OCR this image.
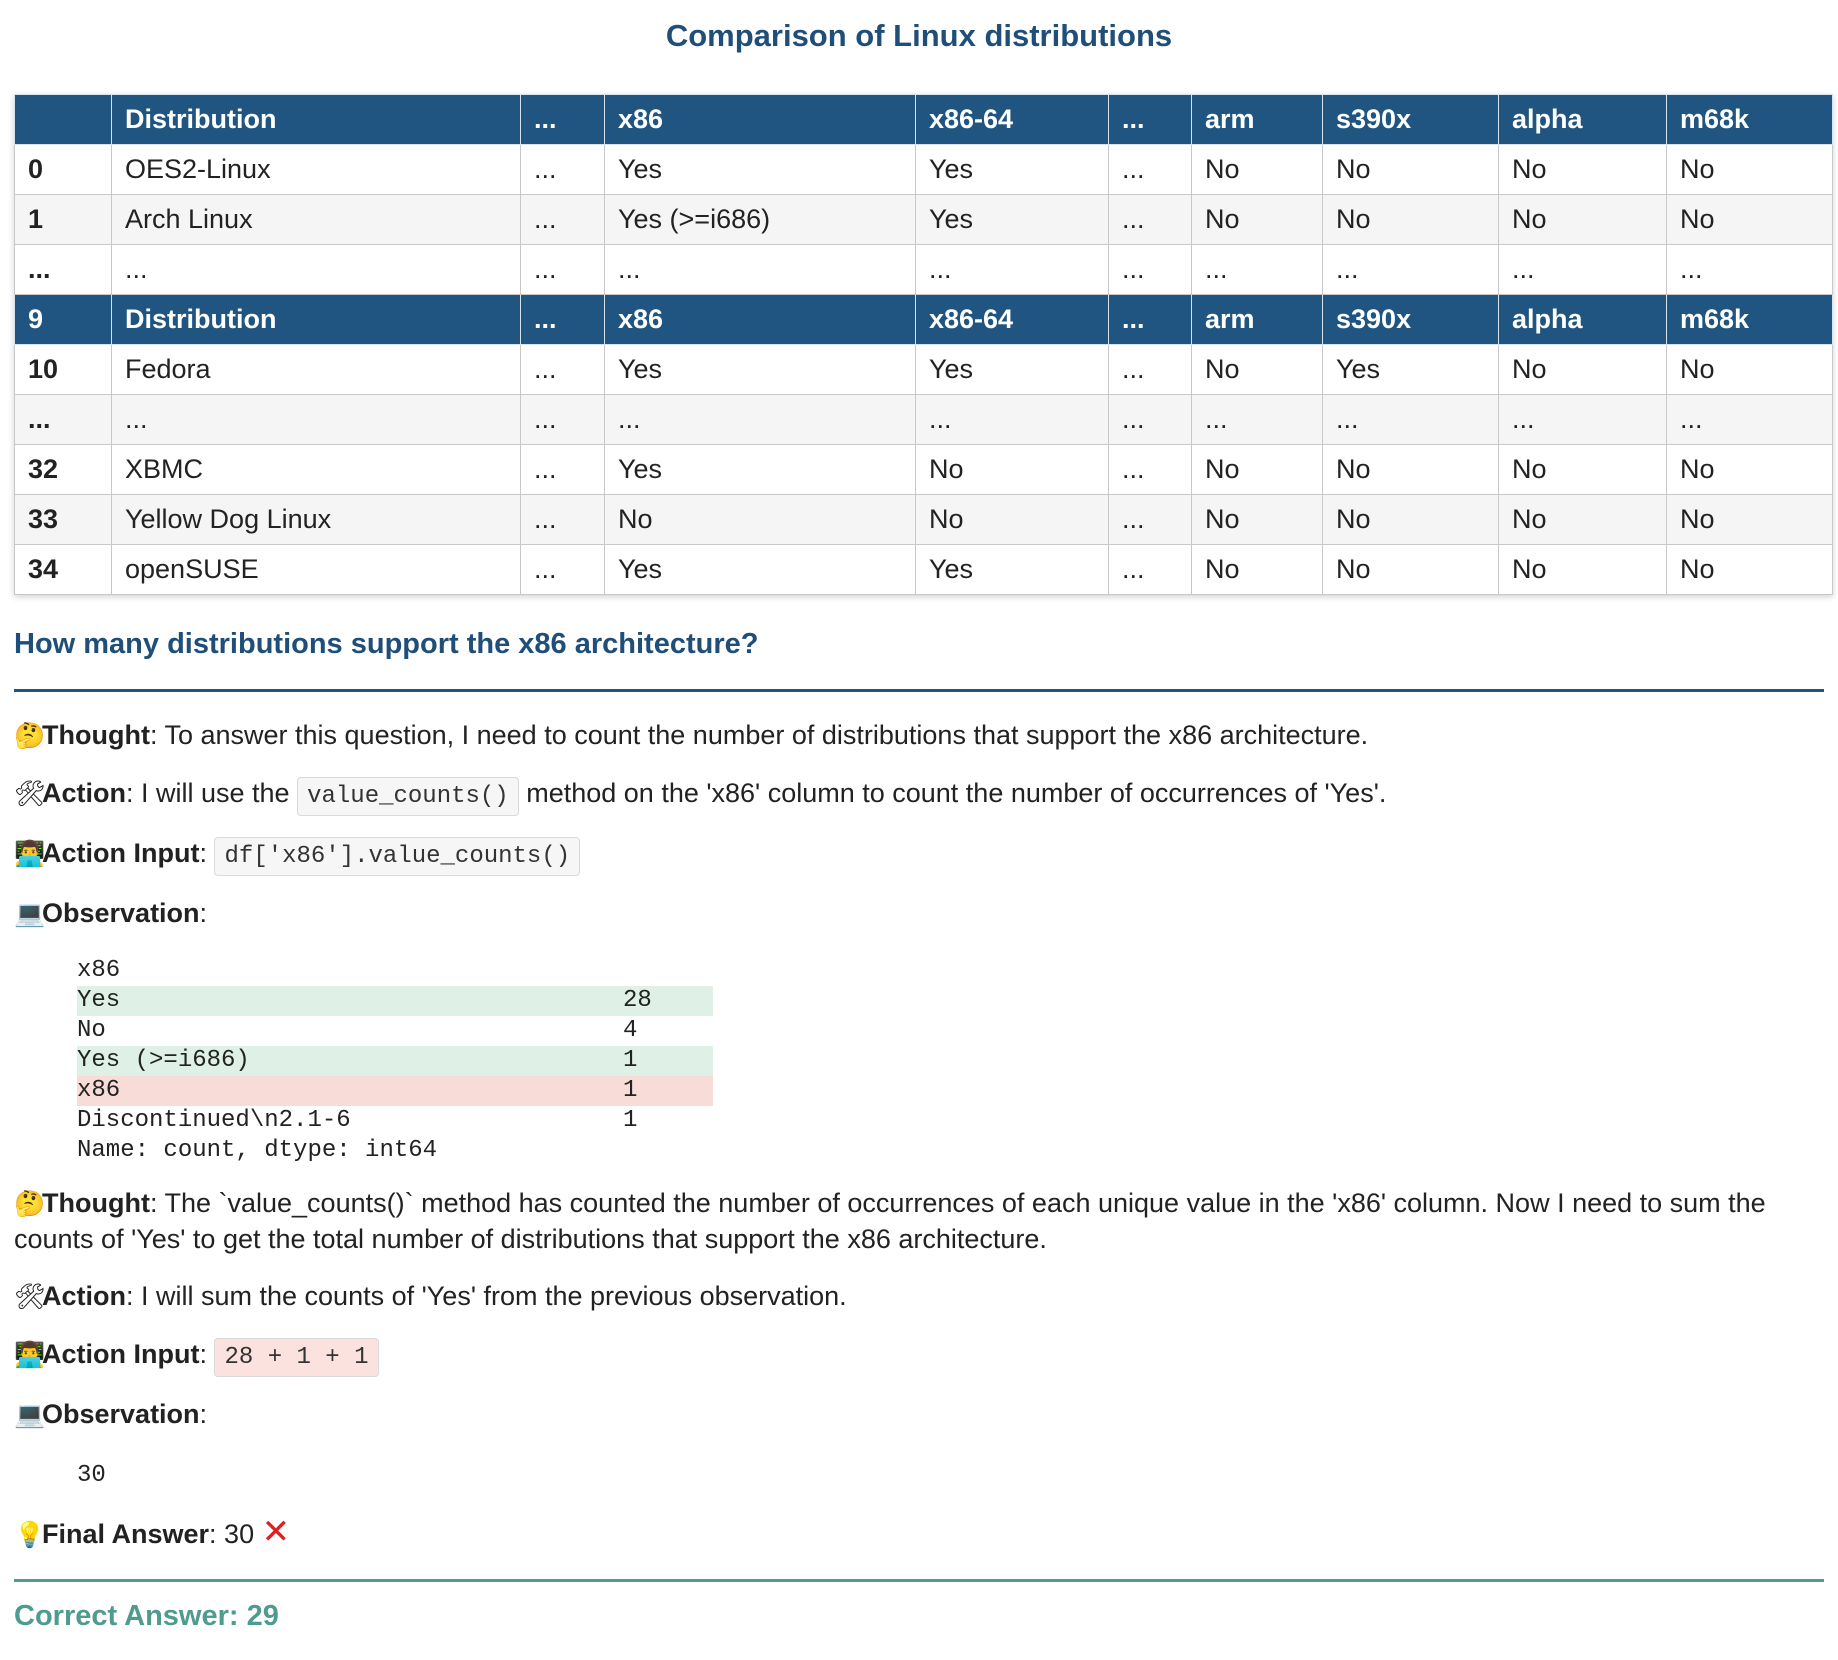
Comparison of Linux distributions
	Distribution	...	x86	x86-64	...	arm	s390x	alpha	m68k
0	OES2-Linux	...	Yes	Yes	...	No	No	No	No
1	Arch Linux	...	Yes (>=i686)	Yes	...	No	No	No	No
...	...	...	...	...	...	...	...	...	...
9	Distribution	...	x86	x86-64	...	arm	s390x	alpha	m68k
10	Fedora	...	Yes	Yes	...	No	Yes	No	No
...	...	...	...	...	...	...	...	...	...
32	XBMC	...	Yes	No	...	No	No	No	No
33	Yellow Dog Linux	...	No	No	...	No	No	No	No
34	openSUSE	...	Yes	Yes	...	No	No	No	No
How many distributions support the x86 architecture?
🤔Thought: To answer this question, I need to count the number of distributions that support the x86 architecture.
🛠Action: I will use the value_counts() method on the 'x86' column to count the number of occurrences of 'Yes'.
👨‍💻Action Input: df['x86'].value_counts()
💻Observation:
x86
Yes	28
No	4
Yes (>=i686)	1
x86	1
Discontinued\n2.1-6	1
Name: count, dtype: int64
🤔Thought: The `value_counts()` method has counted the number of occurrences of each unique value in the 'x86' column. Now I need to sum the counts of 'Yes' to get the total number of distributions that support the x86 architecture.
🛠Action: I will sum the counts of 'Yes' from the previous observation.
👨‍💻Action Input: 28 + 1 + 1
💻Observation:
30
💡Final Answer: 30 ✕
Correct Answer: 29
